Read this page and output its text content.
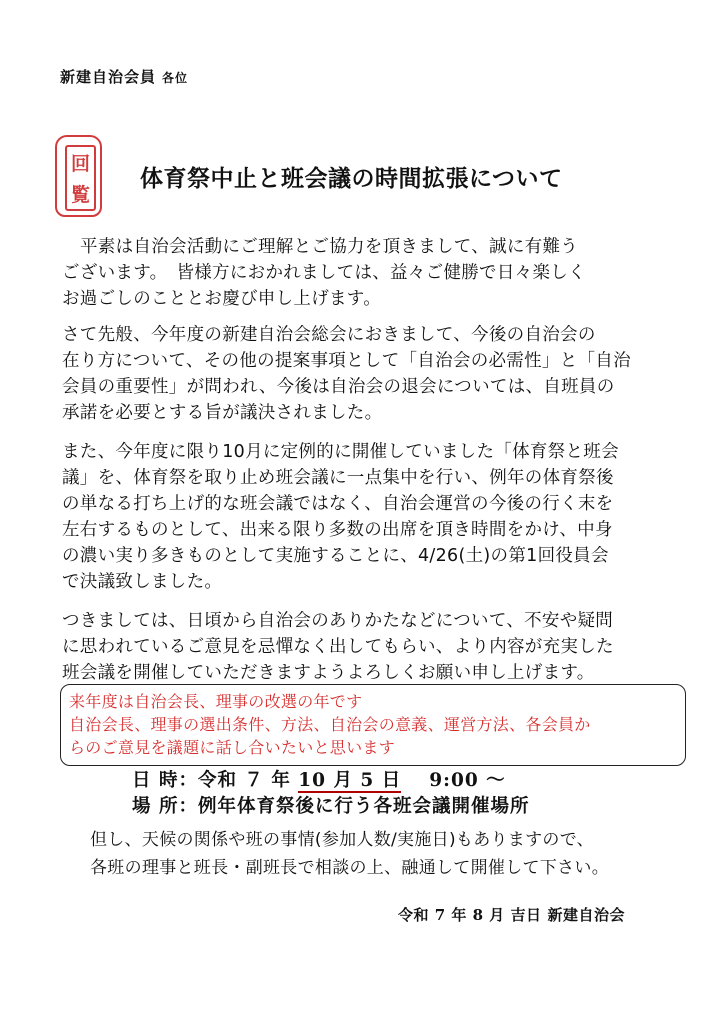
新建自治会員 各位
回
覧
体育祭中止と班会議の時間拡張について
平素は自治会活動にご理解とご協力を頂きまして、誠に有難う
ございます。　皆様方におかれましては、益々ご健勝で日々楽しく
お過ごしのこととお慶び申し上げます。
さて先般、今年度の新建自治会総会におきまして、今後の自治会の
在り方について、その他の提案事項として「自治会の必需性」と「自治
会員の重要性」が問われ、今後は自治会の退会については、自班員の
承諾を必要とする旨が議決されました。
また、今年度に限り10月に定例的に開催していました「体育祭と班会
議」を、体育祭を取り止め班会議に一点集中を行い、例年の体育祭後
の単なる打ち上げ的な班会議ではなく、自治会運営の今後の行く末を
左右するものとして、出来る限り多数の出席を頂き時間をかけ、中身
の濃い実り多きものとして実施することに、4/26(土)の第1回役員会
で決議致しました。
つきましては、日頃から自治会のありかたなどについて、不安や疑問
に思われているご意見を忌憚なく出してもらい、より内容が充実した
班会議を開催していただきますようよろしくお願い申し上げます。
来年度は自治会長、理事の改選の年です
自治会長、理事の選出条件、方法、自治会の意義、運営方法、各会員か
らのご意見を議題に話し合いたいと思います
日 時：令和 ７ 年 10 月 5 日 9:00 ～
場 所：例年体育祭後に行う各班会議開催場所
但し、天候の関係や班の事情(参加人数/実施日)もありますので、
各班の理事と班長・副班長で相談の上、融通して開催して下さい。
令和 7 年 8 月 吉日 新建自治会
